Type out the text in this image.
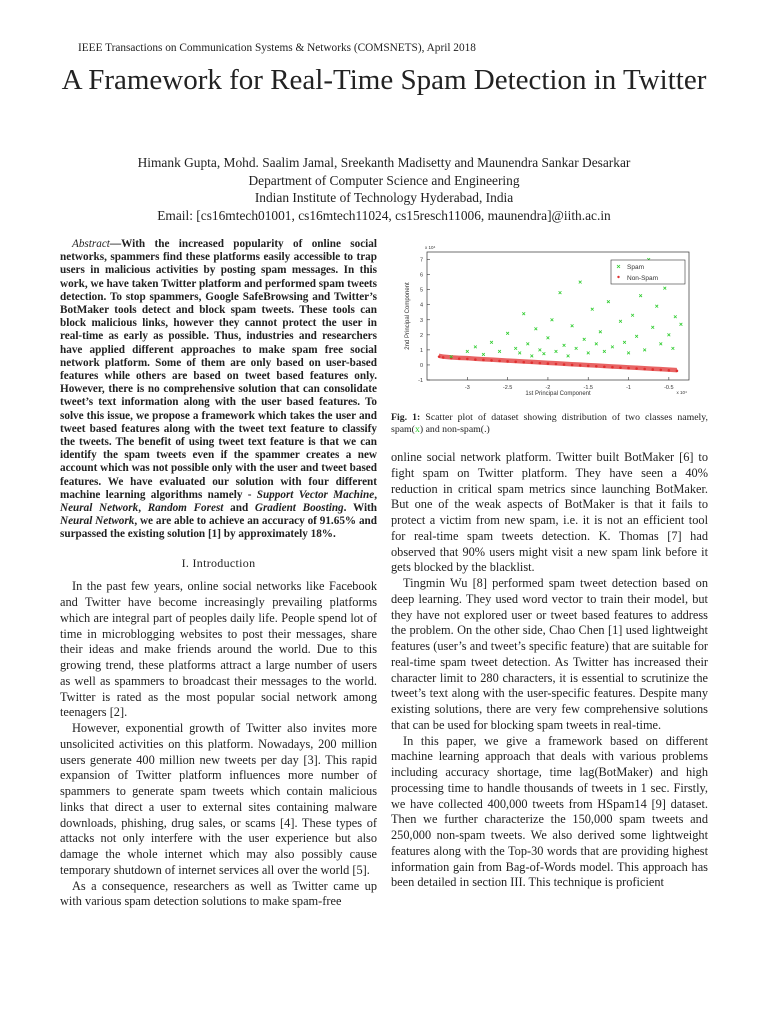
IEEE Transactions on Communication Systems & Networks (COMSNETS), April 2018
A Framework for Real-Time Spam Detection in Twitter
Himank Gupta, Mohd. Saalim Jamal, Sreekanth Madisetty and Maunendra Sankar Desarkar
Department of Computer Science and Engineering
Indian Institute of Technology Hyderabad, India
Email: [cs16mtech01001, cs16mtech11024, cs15resch11006, maunendra]@iith.ac.in

Abstract—With the increased popularity of online social networks, spammers find these platforms easily accessible to trap users in malicious activities by posting spam messages. In this work, we have taken Twitter platform and performed spam tweets detection. To stop spammers, Google SafeBrowsing and Twitter’s BotMaker tools detect and block spam tweets. These tools can block malicious links, however they cannot protect the user in real-time as early as possible. Thus, industries and researchers have applied different approaches to make spam free social network platform. Some of them are only based on user-based features while others are based on tweet based features only. However, there is no comprehensive solution that can consolidate tweet’s text information along with the user based features. To solve this issue, we propose a framework which takes the user and tweet based features along with the tweet text feature to classify the tweets. The benefit of using tweet text feature is that we can identify the spam tweets even if the spammer creates a new account which was not possible only with the user and tweet based features. We have evaluated our solution with four different machine learning algorithms namely - Support Vector Machine, Neural Network, Random Forest and Gradient Boosting. With Neural Network, we are able to achieve an accuracy of 91.65% and surpassed the existing solution [1] by approximately 18%.

I. Introduction

In the past few years, online social networks like Facebook and Twitter have become increasingly prevailing platforms which are integral part of peoples daily life. People spend lot of time in microblogging websites to post their messages, share their ideas and make friends around the world. Due to this growing trend, these platforms attract a large number of users as well as spammers to broadcast their messages to the world. Twitter is rated as the most popular social network among teenagers [2].

However, exponential growth of Twitter also invites more unsolicited activities on this platform. Nowadays, 200 million users generate 400 million new tweets per day [3]. This rapid expansion of Twitter platform influences more number of spammers to generate spam tweets which contain malicious links that direct a user to external sites containing malware downloads, phishing, drug sales, or scams [4]. These types of attacks not only interfere with the user experience but also damage the whole internet which may also possibly cause temporary shutdown of internet services all over the world [5].

As a consequence, researchers as well as Twitter came up with various spam detection solutions to make spam-free

-3	-2.5	-2	-1.5	-1	-0.5
-1
0
1
2
3
4
5
6
7
x 10⁴
x 10⁴
1st Principal Component
2nd Principal Component
Spam
Non-Spam
Fig. 1: Scatter plot of dataset showing distribution of two classes namely, spam(x) and non-spam(.)

online social network platform. Twitter built BotMaker [6] to fight spam on Twitter platform. They have seen a 40% reduction in critical spam metrics since launching BotMaker. But one of the weak aspects of BotMaker is that it fails to protect a victim from new spam, i.e. it is not an efficient tool for real-time spam tweets detection. K. Thomas [7] had observed that 90% users might visit a new spam link before it gets blocked by the blacklist.

Tingmin Wu [8] performed spam tweet detection based on deep learning. They used word vector to train their model, but they have not explored user or tweet based features to address the problem. On the other side, Chao Chen [1] used lightweight features (user’s and tweet’s specific feature) that are suitable for real-time spam tweet detection. As Twitter has increased their character limit to 280 characters, it is essential to scrutinize the tweet’s text along with the user-specific features. Despite many existing solutions, there are very few comprehensive solutions that can be used for blocking spam tweets in real-time.

In this paper, we give a framework based on different machine learning approach that deals with various problems including accuracy shortage, time lag(BotMaker) and high processing time to handle thousands of tweets in 1 sec. Firstly, we have collected 400,000 tweets from HSpam14 [9] dataset. Then we further characterize the 150,000 spam tweets and 250,000 non-spam tweets. We also derived some lightweight features along with the Top-30 words that are providing highest information gain from Bag-of-Words model. This approach has been detailed in section III. This technique is proficient
